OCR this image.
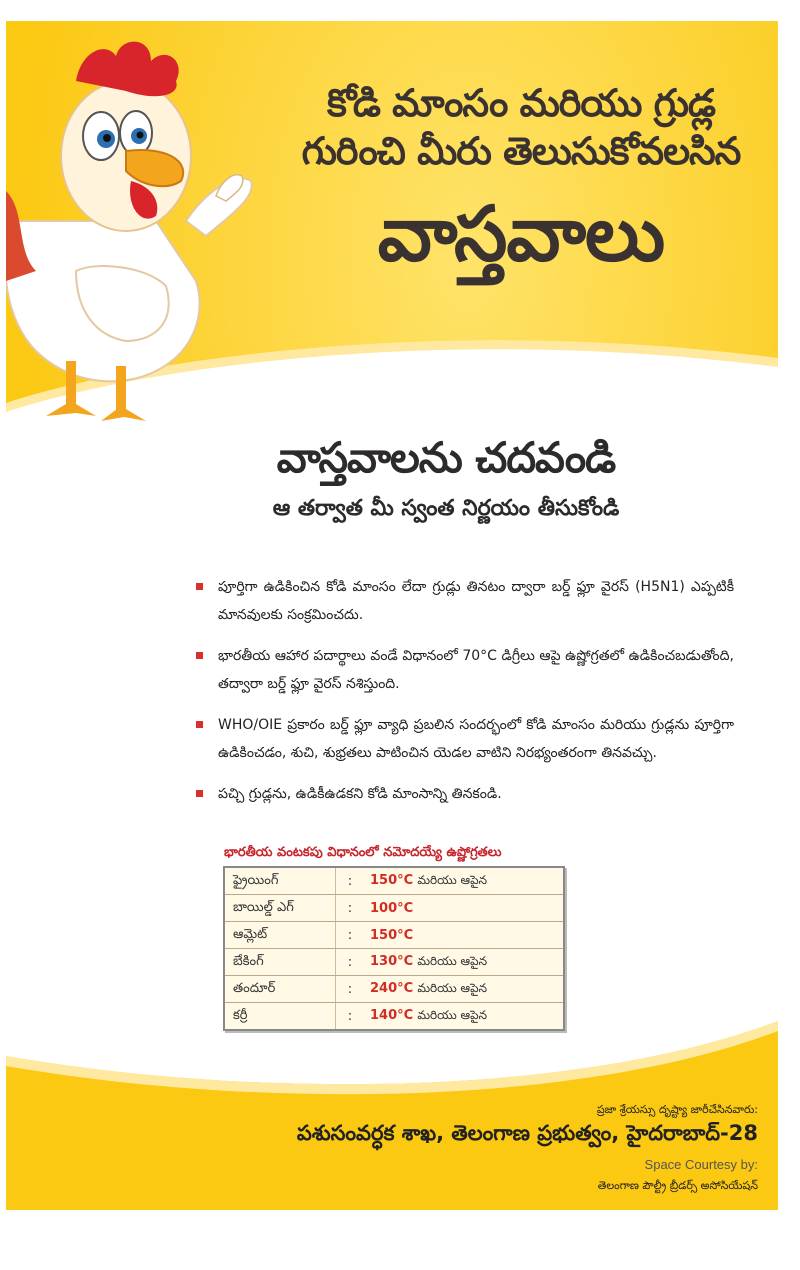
కోడి మాంసం మరియు గ్రుడ్ల
గురించి మీరు తెలుసుకోవలసిన
వాస్తవాలు
వాస్తవాలను చదవండి
ఆ తర్వాత మీ స్వంత నిర్ణయం తీసుకోండి
పూర్తిగా ఉడికించిన కోడి మాంసం లేదా గ్రుడ్లు తినటం ద్వారా బర్డ్ ఫ్లూ వైరస్ (H5N1) ఎప్పటికీ మానవులకు సంక్రమించదు.
భారతీయ ఆహార పదార్థాలు వండే విధానంలో 70°C డిగ్రీలు ఆపై ఉష్ణోగ్రతలో ఉడికించబడుతోంది, తద్వారా బర్డ్ ఫ్లూ వైరస్ నశిస్తుంది.
WHO/OIE ప్రకారం బర్డ్ ఫ్లూ వ్యాధి ప్రబలిన సందర్భంలో కోడి మాంసం మరియు గ్రుడ్లను పూర్తిగా ఉడికించడం, శుచి, శుభ్రతలు పాటించిన యెడల వాటిని నిరభ్యంతరంగా తినవచ్చు.
పచ్చి గ్రుడ్లను, ఉడికీఉడకని కోడి మాంసాన్ని తినకండి.
భారతీయ వంటకపు విధానంలో నమోదయ్యే ఉష్ణోగ్రతలు
ఫ్రైయింగ్	:	150°C మరియు ఆపైన
బాయిల్డ్ ఎగ్	:	100°C
ఆమ్లెట్	:	150°C
బేకింగ్	:	130°C మరియు ఆపైన
తందూర్	:	240°C మరియు ఆపైన
కర్రీ	:	140°C మరియు ఆపైన
ప్రజా శ్రేయస్సు దృష్ట్యా జారీచేసినవారు:
పశుసంవర్ధక శాఖ, తెలంగాణ ప్రభుత్వం, హైదరాబాద్-28
Space Courtesy by:
తెలంగాణ పౌల్ట్రీ బ్రీడర్స్ అసోసియేషన్
